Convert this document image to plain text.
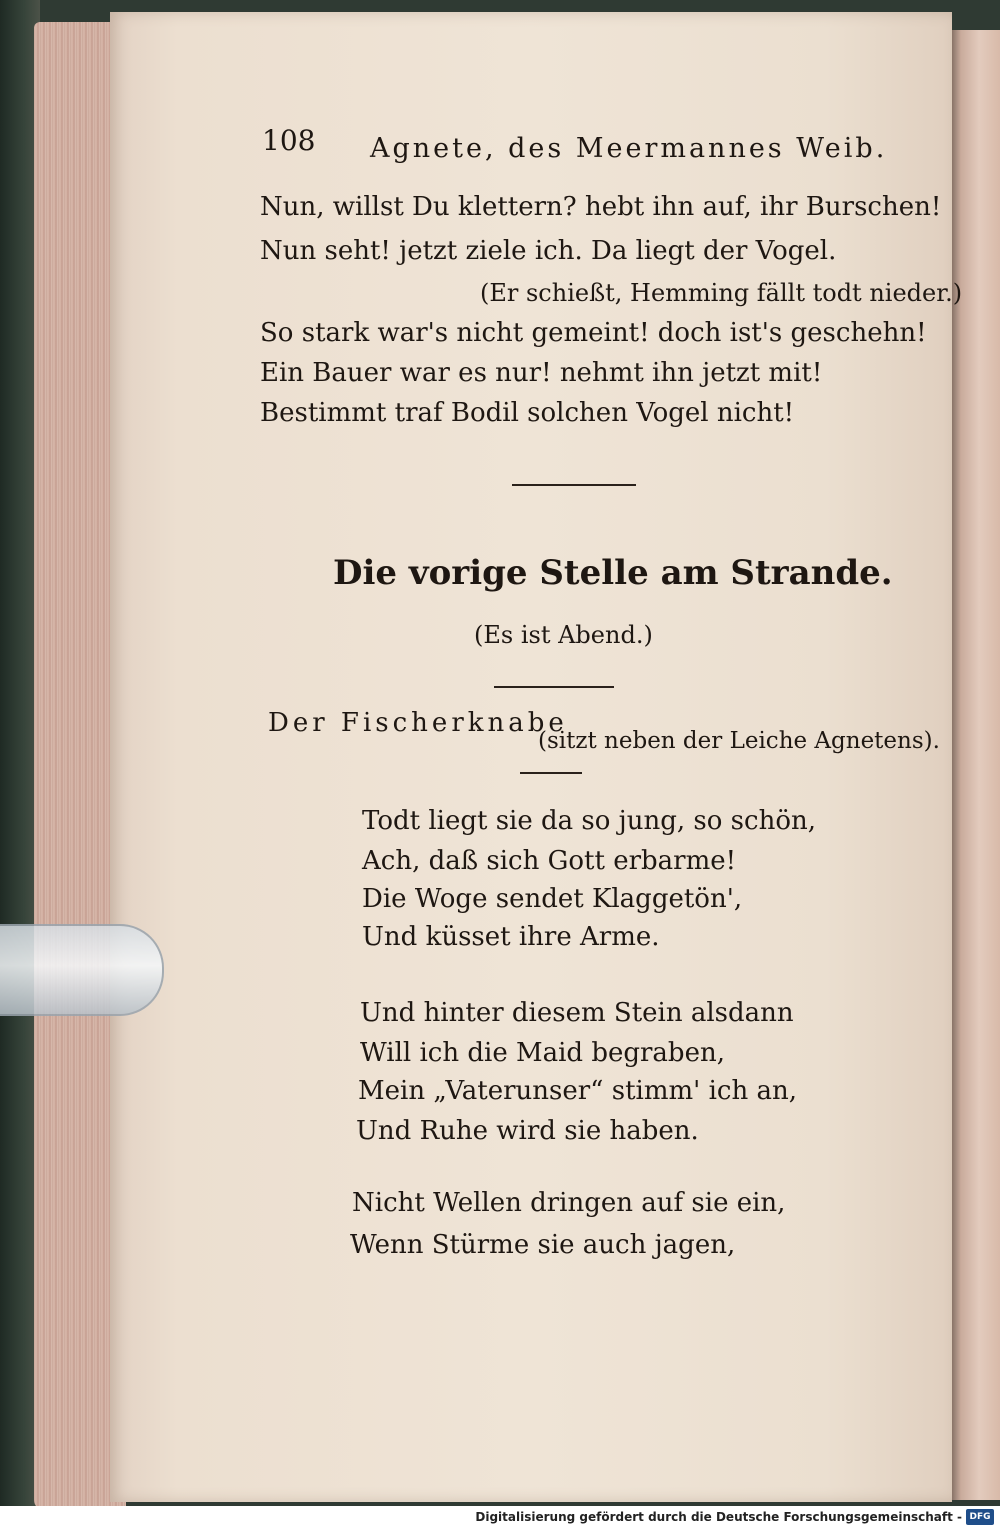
108 Agnete, des Meermannes Weib.
Nun, willst Du klettern? hebt ihn auf, ihr Burschen!
Nun seht! jetzt ziele ich. Da liegt der Vogel.
(Er schießt, Hemming fällt todt nieder.)
So stark war's nicht gemeint! doch ist's geschehn!
Ein Bauer war es nur! nehmt ihn jetzt mit!
Bestimmt traf Bodil solchen Vogel nicht!
Die vorige Stelle am Strande.
(Es ist Abend.)
Der Fischerknabe
(sitzt neben der Leiche Agnetens).
Todt liegt sie da so jung, so schön,
Ach, daß sich Gott erbarme!
Die Woge sendet Klaggetön',
Und küsset ihre Arme.
Und hinter diesem Stein alsdann
Will ich die Maid begraben,
Mein „Vaterunser“ stimm' ich an,
Und Ruhe wird sie haben.
Nicht Wellen dringen auf sie ein,
Wenn Stürme sie auch jagen,
Digitalisierung gefördert durch die Deutsche Forschungsgemeinschaft - DFG
